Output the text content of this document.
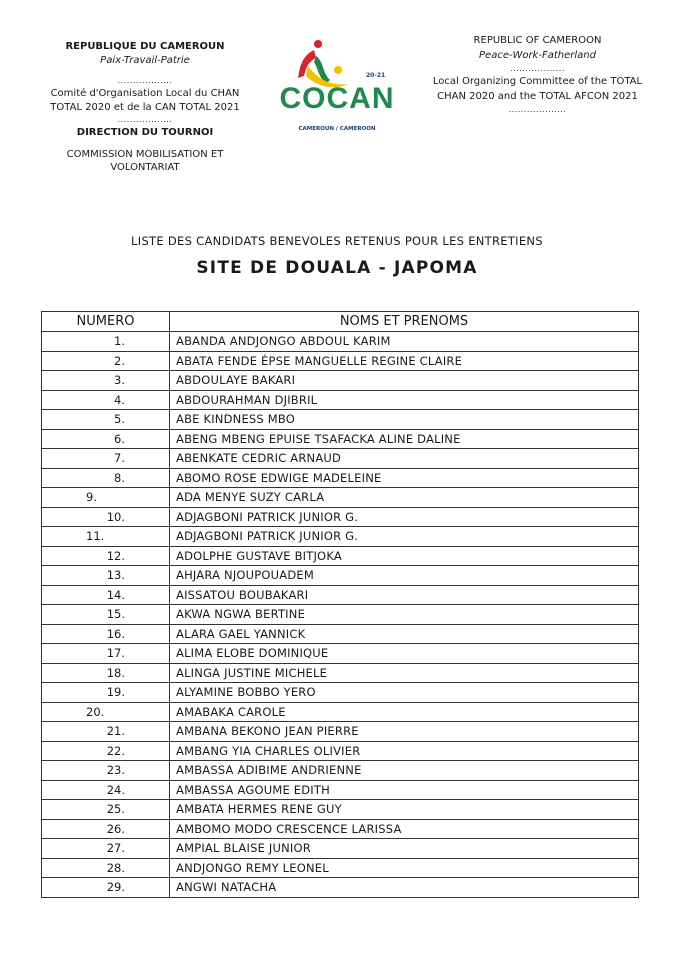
REPUBLIQUE DU CAMEROUN
Paix-Travail-Patrie
..................
Comité d'Organisation Local du CHAN
TOTAL 2020 et de la CAN TOTAL 2021
..................
DIRECTION DU TOURNOI
COMMISSION MOBILISATION ET
VOLONTARIAT
20-21
COCAN
CAMEROUN / CAMEROON
REPUBLIC OF CAMEROON
Peace-Work-Fatherland
..................
Local Organizing Committee of the TOTAL
CHAN 2020 and the TOTAL AFCON 2021
...................
LISTE DES CANDIDATS BENEVOLES RETENUS POUR LES ENTRETIENS
SITE DE DOUALA - JAPOMA
NUMERO	NOMS ET PRENOMS
1.	ABANDA ANDJONGO ABDOUL KARIM
2.	ABATA FENDE ÉPSE MANGUELLE REGINE CLAIRE
3.	ABDOULAYE BAKARI
4.	ABDOURAHMAN DJIBRIL
5.	ABE KINDNESS MBO
6.	ABENG MBENG EPUISE TSAFACKA ALINE DALINE
7.	ABENKATE CEDRIC ARNAUD
8.	ABOMO ROSE EDWIGE MADELEINE
9.	ADA MENYE SUZY CARLA
10.	ADJAGBONI PATRICK JUNIOR G.
11.	ADJAGBONI PATRICK JUNIOR G.
12.	ADOLPHE GUSTAVE BITJOKA
13.	AHJARA NJOUPOUADEM
14.	AISSATOU BOUBAKARI
15.	AKWA NGWA BERTINE
16.	ALARA GAEL YANNICK
17.	ALIMA ELOBE DOMINIQUE
18.	ALINGA JUSTINE MICHELE
19.	ALYAMINE BOBBO YERO
20.	AMABAKA CAROLE
21.	AMBANA BEKONO JEAN PIERRE
22.	AMBANG YIA CHARLES OLIVIER
23.	AMBASSA ADIBIME ANDRIENNE
24.	AMBASSA AGOUME EDITH
25.	AMBATA HERMES RENE GUY
26.	AMBOMO MODO CRESCENCE LARISSA
27.	AMPIAL BLAISE JUNIOR
28.	ANDJONGO REMY LEONEL
29.	ANGWI NATACHA
